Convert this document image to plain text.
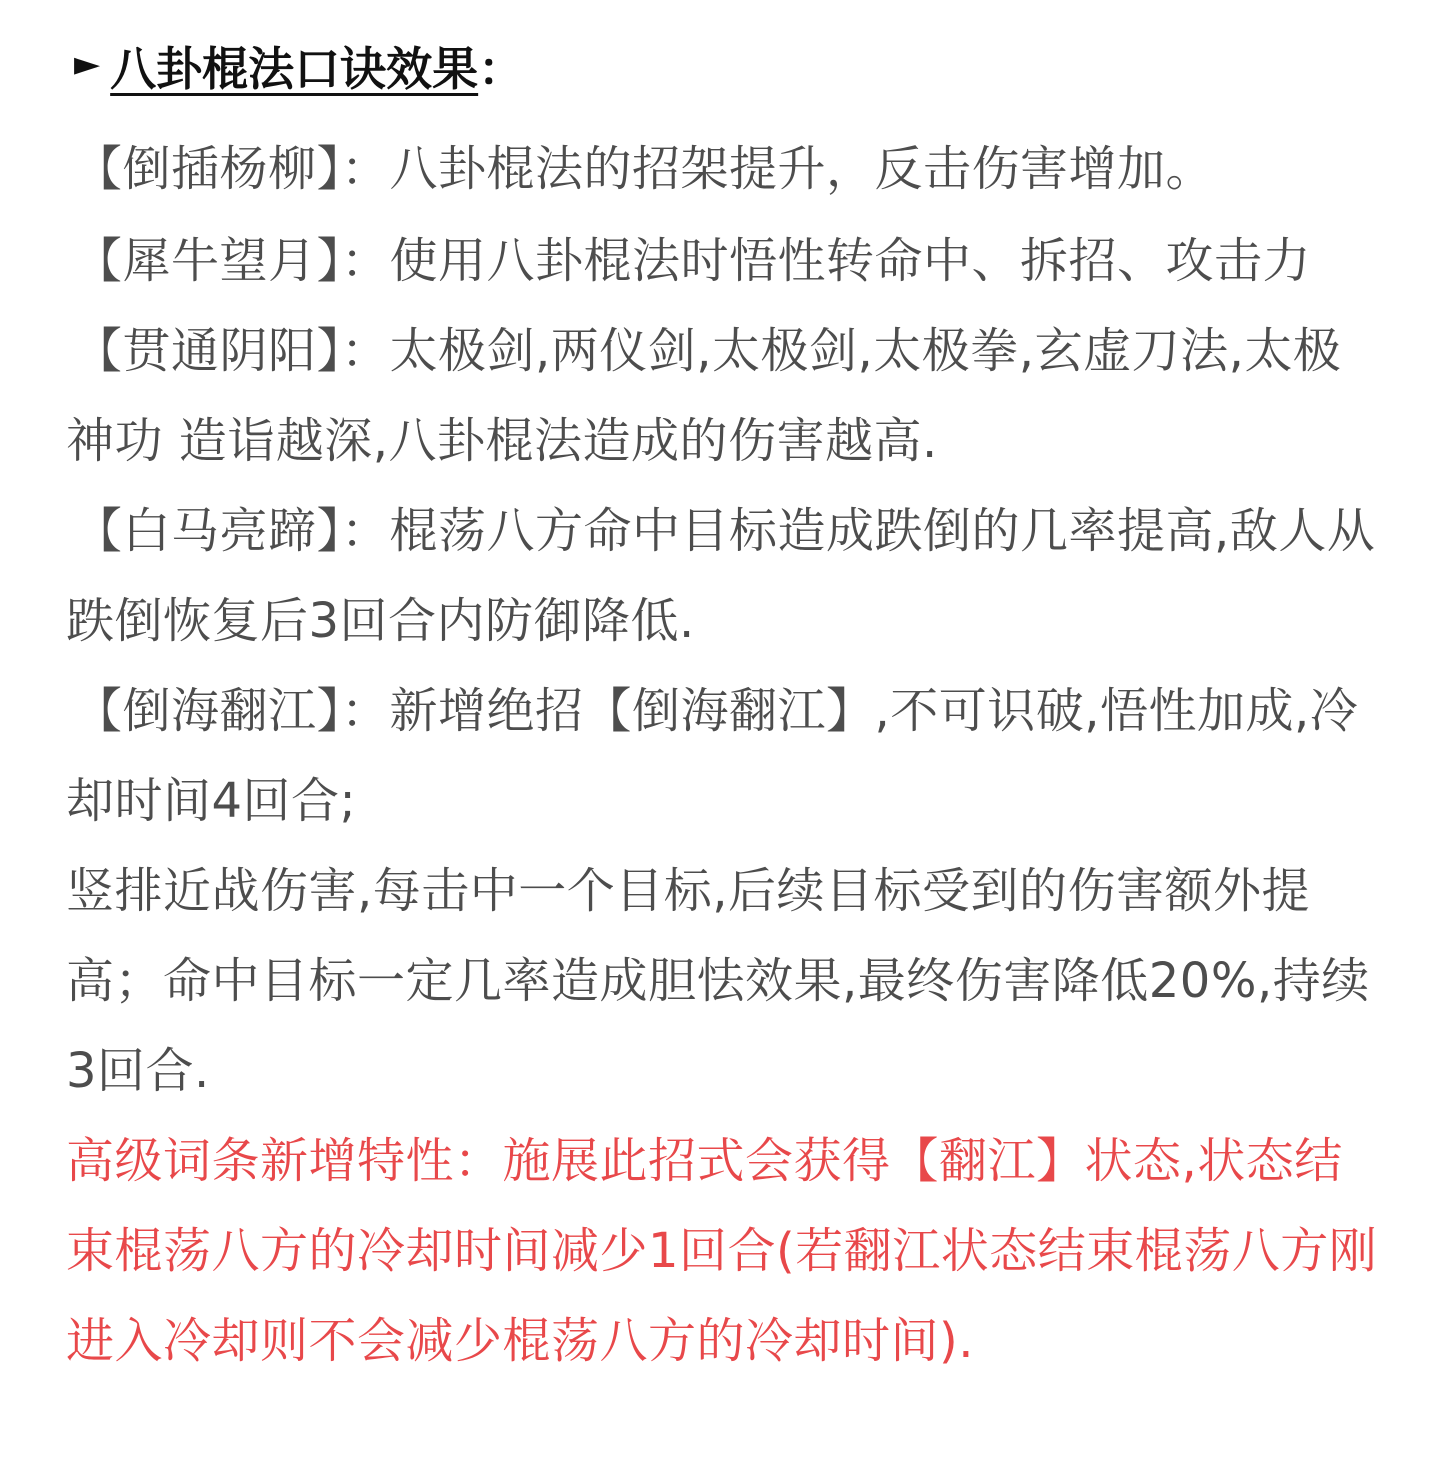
► 八卦棍法口诀效果 ：

【倒插杨柳】：八卦棍法的招架提升，反击伤害增加。

【犀牛望月】：使用八卦棍法时悟性转命中、拆招、攻击力

【贯通阴阳】：太极剑,两仪剑,太极剑,太极拳,玄虚刀法,太极神功 造诣越深,八卦棍法造成的伤害越高.

【白马亮蹄】：棍荡八方命中目标造成跌倒的几率提高,敌人从跌倒恢复后3回合内防御降低.

【倒海翻江】：新增绝招【倒海翻江】,不可识破,悟性加成,冷却时间4回合;

竖排近战伤害,每击中一个目标,后续目标受到的伤害额外提高；命中目标一定几率造成胆怯效果,最终伤害降低20%,持续3回合.

高级词条新增特性：施展此招式会获得【翻江】状态,状态结束棍荡八方的冷却时间减少1回合(若翻江状态结束棍荡八方刚进入冷却则不会减少棍荡八方的冷却时间).
